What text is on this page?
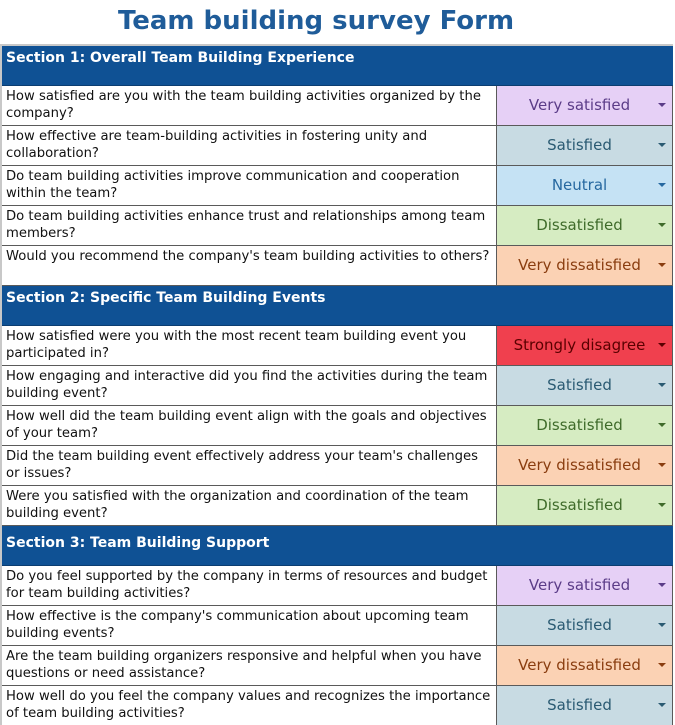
Team building survey Form
Section 1: Overall Team Building Experience
How satisfied are you with the team building activities organized by the company?	Very satisfied
How effective are team-building activities in fostering unity and collaboration?	Satisfied
Do team building activities improve communication and cooperation within the team?	Neutral
Do team building activities enhance trust and relationships among team members?	Dissatisfied
Would you recommend the company's team building activities to others?	Very dissatisfied
Section 2: Specific Team Building Events
How satisfied were you with the most recent team building event you participated in?	Strongly disagree
How engaging and interactive did you find the activities during the team building event?	Satisfied
How well did the team building event align with the goals and objectives of your team?	Dissatisfied
Did the team building event effectively address your team's challenges or issues?	Very dissatisfied
Were you satisfied with the organization and coordination of the team building event?	Dissatisfied
Section 3: Team Building Support
Do you feel supported by the company in terms of resources and budget for team building activities?	Very satisfied
How effective is the company's communication about upcoming team building events?	Satisfied
Are the team building organizers responsive and helpful when you have questions or need assistance?	Very dissatisfied
How well do you feel the company values and recognizes the importance of team building activities?	Satisfied
